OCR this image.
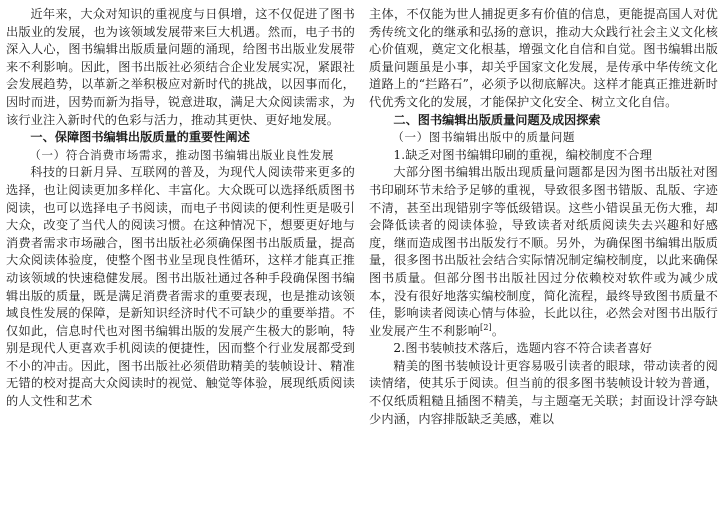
近年来，大众对知识的重视度与日俱增，这不仅促进了图书出版业的发展，也为该领域发展带来巨大机遇。然而，电子书的深入人心，图书编辑出版质量问题的涌现，给图书出版业发展带来不利影响。因此，图书出版社必须结合企业发展实况，紧跟社会发展趋势，以革新之举积极应对新时代的挑战，以因事而化，因时而进，因势而新为指导，锐意进取，满足大众阅读需求，为该行业注入新时代的色彩与活力，推动其更快、更好地发展。

一、保障图书编辑出版质量的重要性阐述
（一）符合消费市场需求，推动图书编辑出版业良性发展

科技的日新月异、互联网的普及，为现代人阅读带来更多的选择，也让阅读更加多样化、丰富化。大众既可以选择纸质图书阅读，也可以选择电子书阅读，而电子书阅读的便利性更是吸引大众，改变了当代人的阅读习惯。在这种情况下，想要更好地与消费者需求市场融合，图书出版社必须确保图书出版质量，提高大众阅读体验度，使整个图书业呈现良性循环，这样才能真正推动该领域的快速稳健发展。图书出版社通过各种手段确保图书编辑出版的质量，既是满足消费者需求的重要表现，也是推动该领域良性发展的保障，是新知识经济时代不可缺少的重要举措。不仅如此，信息时代也对图书编辑出版的发展产生极大的影响，特别是现代人更喜欢手机阅读的便捷性，因而整个行业发展都受到不小的冲击。因此，图书出版社必须借助精美的装帧设计、精准无错的校对提高大众阅读时的视觉、触觉等体验，展现纸质阅读的人文性和艺术

主体，不仅能为世人捕捉更多有价值的信息，更能提高国人对优秀传统文化的继承和弘扬的意识，推动大众践行社会主义文化核心价值观，奠定文化根基，增强文化自信和自觉。图书编辑出版质量问题虽是小事，却关乎国家文化发展，是传承中华传统文化道路上的“拦路石”，必须予以彻底解决。这样才能真正推进新时代优秀文化的发展，才能保护文化安全、树立文化自信。

二、图书编辑出版质量问题及成因探索
（一）图书编辑出版中的质量问题

1.缺乏对图书编辑印刷的重视，编校制度不合理

大部分图书编辑出版出现质量问题都是因为图书出版社对图书印刷环节未给予足够的重视，导致很多图书错版、乱版、字迹不清，甚至出现错别字等低级错误。这些小错误虽无伤大雅，却会降低读者的阅读体验，导致读者对纸质阅读失去兴趣和好感度，继而造成图书出版发行不顺。另外，为确保图书编辑出版质量，很多图书出版社会结合实际情况制定编校制度，以此来确保图书质量。但部分图书出版社因过分依赖校对软件或为减少成本，没有很好地落实编校制度，简化流程，最终导致图书质量不佳，影响读者阅读心情与体验，长此以往，必然会对图书出版行业发展产生不利影响[2]。

2.图书装帧技术落后，选题内容不符合读者喜好

精美的图书装帧设计更容易吸引读者的眼球，带动读者的阅读情绪，使其乐于阅读。但当前的很多图书装帧设计较为普通，不仅纸质粗糙且插图不精美，与主题毫无关联；封面设计浮夸缺少内涵，内容排版缺乏美感，难以
